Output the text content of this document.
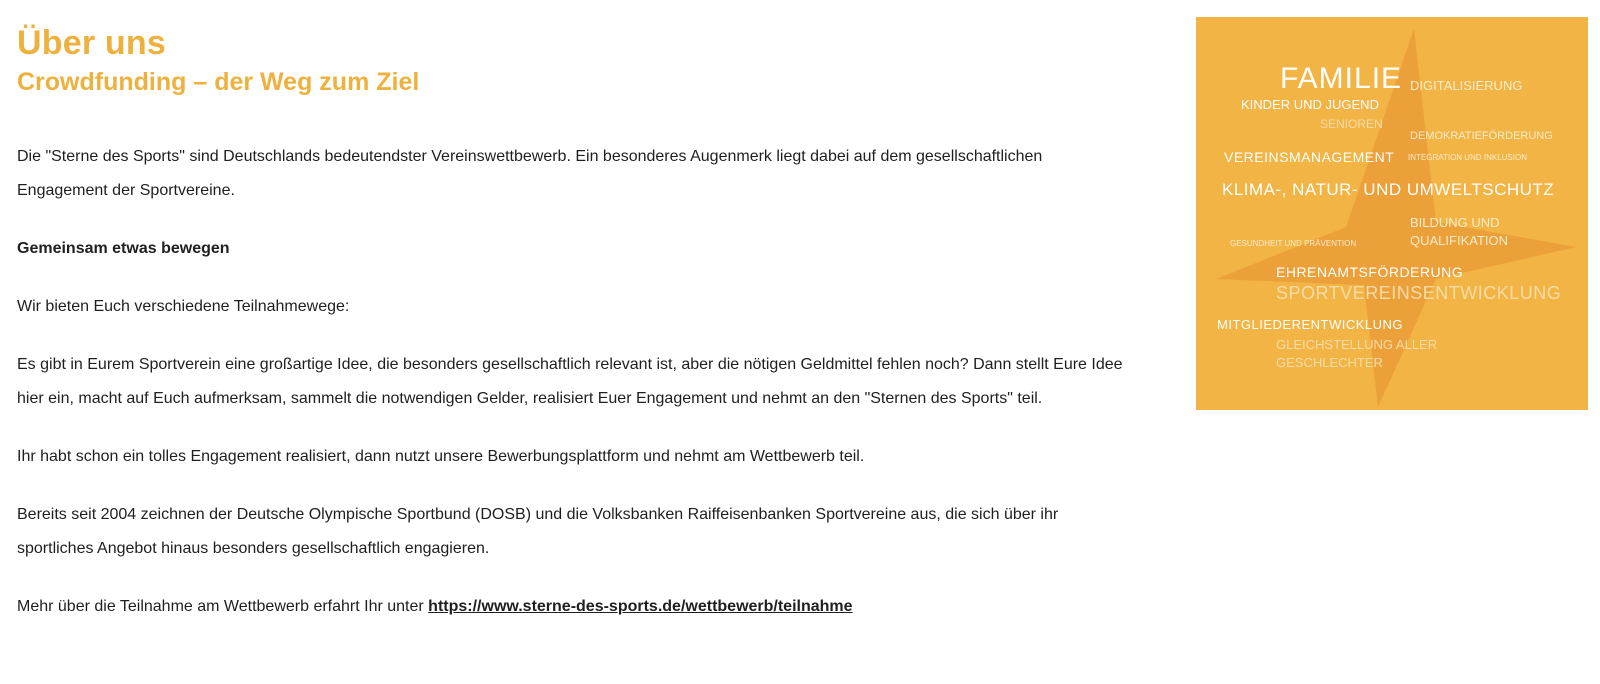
Über uns
Crowdfunding – der Weg zum Ziel

Die "Sterne des Sports" sind Deutschlands bedeutendster Vereinswettbewerb. Ein besonderes Augenmerk liegt dabei auf dem gesellschaftlichen Engagement der Sportvereine.

Gemeinsam etwas bewegen

Wir bieten Euch verschiedene Teilnahmewege:

Es gibt in Eurem Sportverein eine großartige Idee, die besonders gesellschaftlich relevant ist, aber die nötigen Geldmittel fehlen noch? Dann stellt Eure Idee hier ein, macht auf Euch aufmerksam, sammelt die notwendigen Gelder, realisiert Euer Engagement und nehmt an den "Sternen des Sports" teil.

Ihr habt schon ein tolles Engagement realisiert, dann nutzt unsere Bewerbungsplattform und nehmt am Wettbewerb teil.

Bereits seit 2004 zeichnen der Deutsche Olympische Sportbund (DOSB) und die Volksbanken Raiffeisenbanken Sportvereine aus, die sich über ihr sportliches Angebot hinaus besonders gesellschaftlich engagieren.

Mehr über die Teilnahme am Wettbewerb erfahrt Ihr unter https://www.sterne-des-sports.de/wettbewerb/teilnahme

FAMILIE DIGITALISIERUNG
KINDER UND JUGEND
SENIOREN
DEMOKRATIEFÖRDERUNG
VEREINSMANAGEMENT INTEGRATION UND INKLUSION
KLIMA-, NATUR- UND UMWELTSCHUTZ
BILDUNG UND
GESUNDHEIT UND PRÄVENTION	QUALIFIKATION
EHRENAMTSFÖRDERUNG
SPORTVEREINSENTWICKLUNG
MITGLIEDERENTWICKLUNG
GLEICHSTELLUNG ALLER
GESCHLECHTER
